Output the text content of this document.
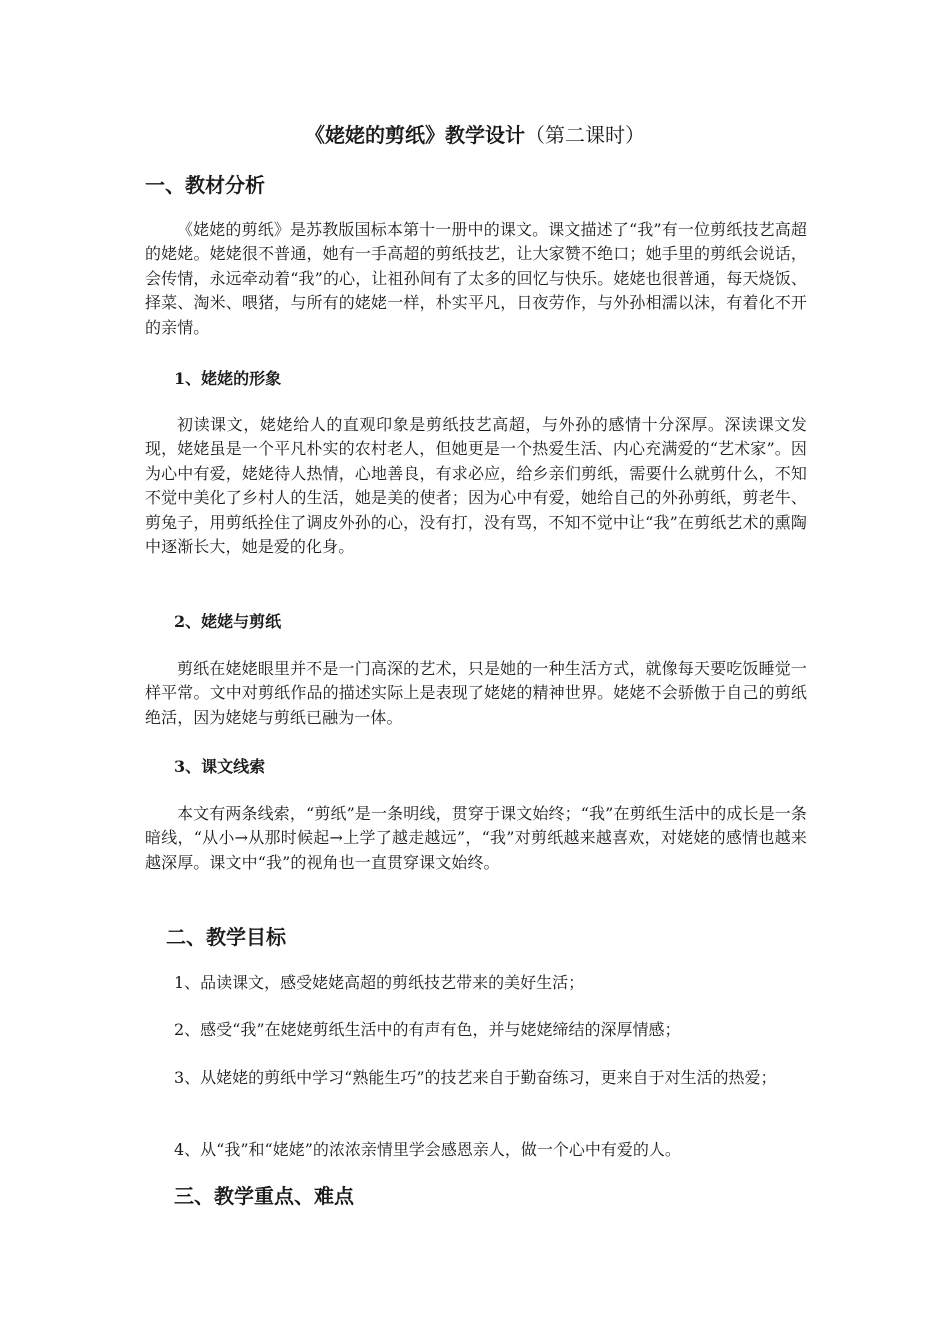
《姥姥的剪纸》教学设计（第二课时）
一、教材分析
《姥姥的剪纸》是苏教版国标本第十一册中的课文。课文描述了“我”有一位剪纸技艺高超的姥姥。姥姥很不普通，她有一手高超的剪纸技艺，让大家赞不绝口；她手里的剪纸会说话，会传情，永远牵动着“我”的心，让祖孙间有了太多的回忆与快乐。姥姥也很普通，每天烧饭、择菜、淘米、喂猪，与所有的姥姥一样，朴实平凡，日夜劳作，与外孙相濡以沫，有着化不开的亲情。
1、姥姥的形象
初读课文，姥姥给人的直观印象是剪纸技艺高超，与外孙的感情十分深厚。深读课文发现，姥姥虽是一个平凡朴实的农村老人，但她更是一个热爱生活、内心充满爱的“艺术家”。因为心中有爱，姥姥待人热情，心地善良，有求必应，给乡亲们剪纸，需要什么就剪什么，不知不觉中美化了乡村人的生活，她是美的使者；因为心中有爱，她给自己的外孙剪纸，剪老牛、剪兔子，用剪纸拴住了调皮外孙的心，没有打，没有骂，不知不觉中让“我”在剪纸艺术的熏陶中逐渐长大，她是爱的化身。
2、姥姥与剪纸
剪纸在姥姥眼里并不是一门高深的艺术，只是她的一种生活方式，就像每天要吃饭睡觉一样平常。文中对剪纸作品的描述实际上是表现了姥姥的精神世界。姥姥不会骄傲于自己的剪纸绝活，因为姥姥与剪纸已融为一体。
3、课文线索
本文有两条线索，“剪纸”是一条明线，贯穿于课文始终；“我”在剪纸生活中的成长是一条暗线，“从小→从那时候起→上学了越走越远”，“我”对剪纸越来越喜欢，对姥姥的感情也越来越深厚。课文中“我”的视角也一直贯穿课文始终。
二、教学目标
1、品读课文，感受姥姥高超的剪纸技艺带来的美好生活；
2、感受“我”在姥姥剪纸生活中的有声有色，并与姥姥缔结的深厚情感；
3、从姥姥的剪纸中学习“熟能生巧”的技艺来自于勤奋练习，更来自于对生活的热爱；
4、从“我”和“姥姥”的浓浓亲情里学会感恩亲人，做一个心中有爱的人。
三、教学重点、难点
